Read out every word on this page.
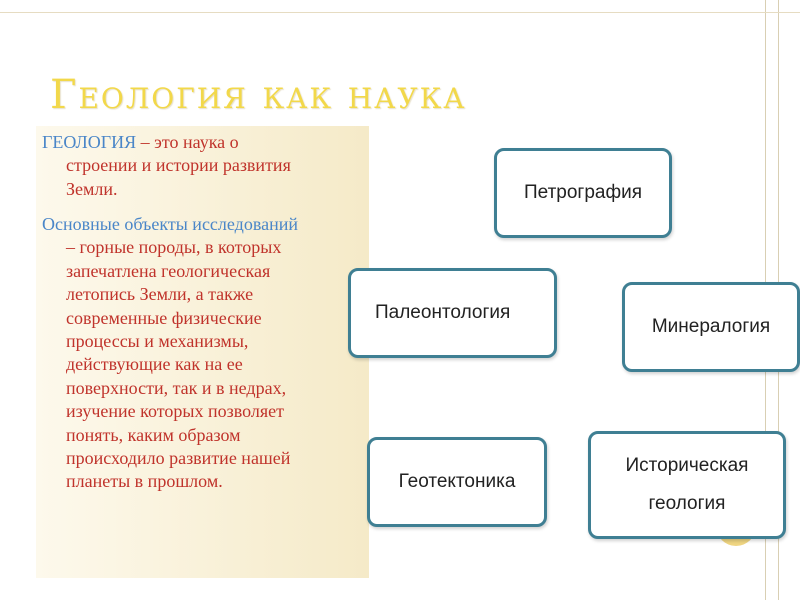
Геология как наука

ГЕОЛОГИЯ – это наука о
строении и истории развития
Земли.

Основные объекты исследований
– горные породы, в которых
запечатлена геологическая
летопись Земли, а также
современные физические
процессы и механизмы,
действующие как на ее
поверхности, так и в недрах,
изучение которых позволяет
понять, каким образом
происходило развитие нашей
планеты в прошлом.

Петрография
Палеонтология
Минералогия
Геотектоника
Историческая
геология
